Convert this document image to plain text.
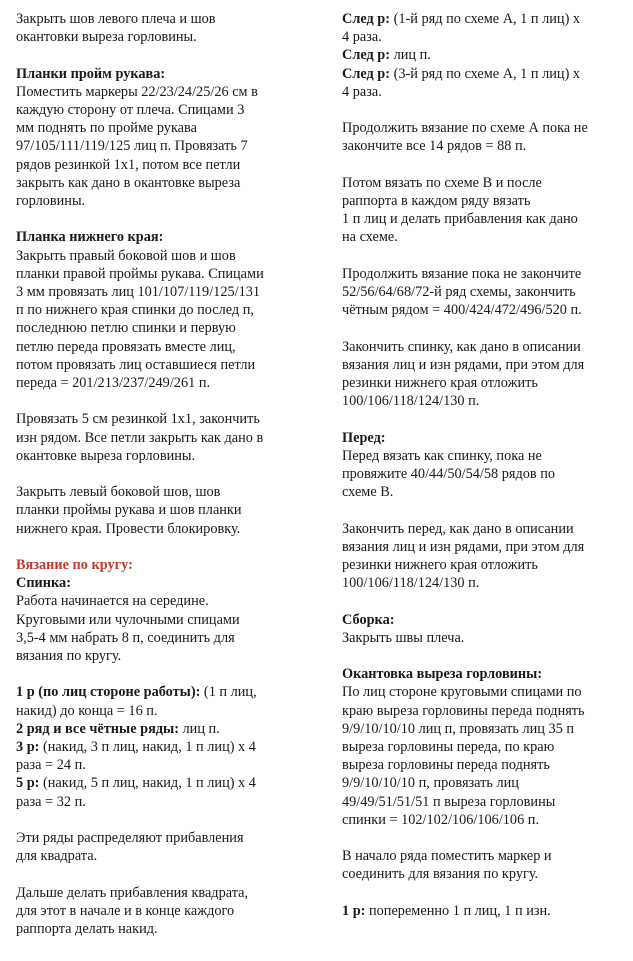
Закрыть шов левого плеча и шов
окантовки выреза горловины.
Планки пройм рукава:
Поместить маркеры 22/23/24/25/26 см в
каждую сторону от плеча. Спицами 3
мм поднять по пройме рукава
97/105/111/119/125 лиц п. Провязать 7
рядов резинкой 1х1, потом все петли
закрыть как дано в окантовке выреза
горловины.
Планка нижнего края:
Закрыть правый боковой шов и шов
планки правой проймы рукава. Спицами
3 мм провязать лиц 101/107/119/125/131
п по нижнего края спинки до послед п,
последнюю петлю спинки и первую
петлю переда провязать вместе лиц,
потом провязать лиц оставшиеся петли
переда = 201/213/237/249/261 п.
Провязать 5 см резинкой 1х1, закончить
изн рядом. Все петли закрыть как дано в
окантовке выреза горловины.
Закрыть левый боковой шов, шов
планки проймы рукава и шов планки
нижнего края. Провести блокировку.
Вязание по кругу:
Спинка:
Работа начинается на середине.
Круговыми или чулочными спицами
3,5-4 мм набрать 8 п, соединить для
вязания по кругу.
1 р (по лиц стороне работы): (1 п лиц,
накид) до конца = 16 п.
2 ряд и все чётные ряды: лиц п.
3 р: (накид, 3 п лиц, накид, 1 п лиц) х 4
раза = 24 п.
5 р: (накид, 5 п лиц, накид, 1 п лиц) х 4
раза = 32 п.
Эти ряды распределяют прибавления
для квадрата.
Дальше делать прибавления квадрата,
для этот в начале и в конце каждого
раппорта делать накид.
След р: (1-й ряд по схеме А, 1 п лиц) х
4 раза.
След р: лиц п.
След р: (3-й ряд по схеме А, 1 п лиц) х
4 раза.
Продолжить вязание по схеме А пока не
закончите все 14 рядов = 88 п.
Потом вязать по схеме В и после
раппорта в каждом ряду вязать
1 п лиц и делать прибавления как дано
на схеме.
Продолжить вязание пока не закончите
52/56/64/68/72-й ряд схемы, закончить
чётным рядом = 400/424/472/496/520 п.
Закончить спинку, как дано в описании
вязания лиц и изн рядами, при этом для
резинки нижнего края отложить
100/106/118/124/130 п.
Перед:
Перед вязать как спинку, пока не
провяжите 40/44/50/54/58 рядов по
схеме В.
Закончить перед, как дано в описании
вязания лиц и изн рядами, при этом для
резинки нижнего края отложить
100/106/118/124/130 п.
Сборка:
Закрыть швы плеча.
Окантовка выреза горловины:
По лиц стороне круговыми спицами по
краю выреза горловины переда поднять
9/9/10/10/10 лиц п, провязать лиц 35 п
выреза горловины переда, по краю
выреза горловины переда поднять
9/9/10/10/10 п, провязать лиц
49/49/51/51/51 п выреза горловины
спинки = 102/102/106/106/106 п.
В начало ряда поместить маркер и
соединить для вязания по кругу.
1 р: попеременно 1 п лиц, 1 п изн.
